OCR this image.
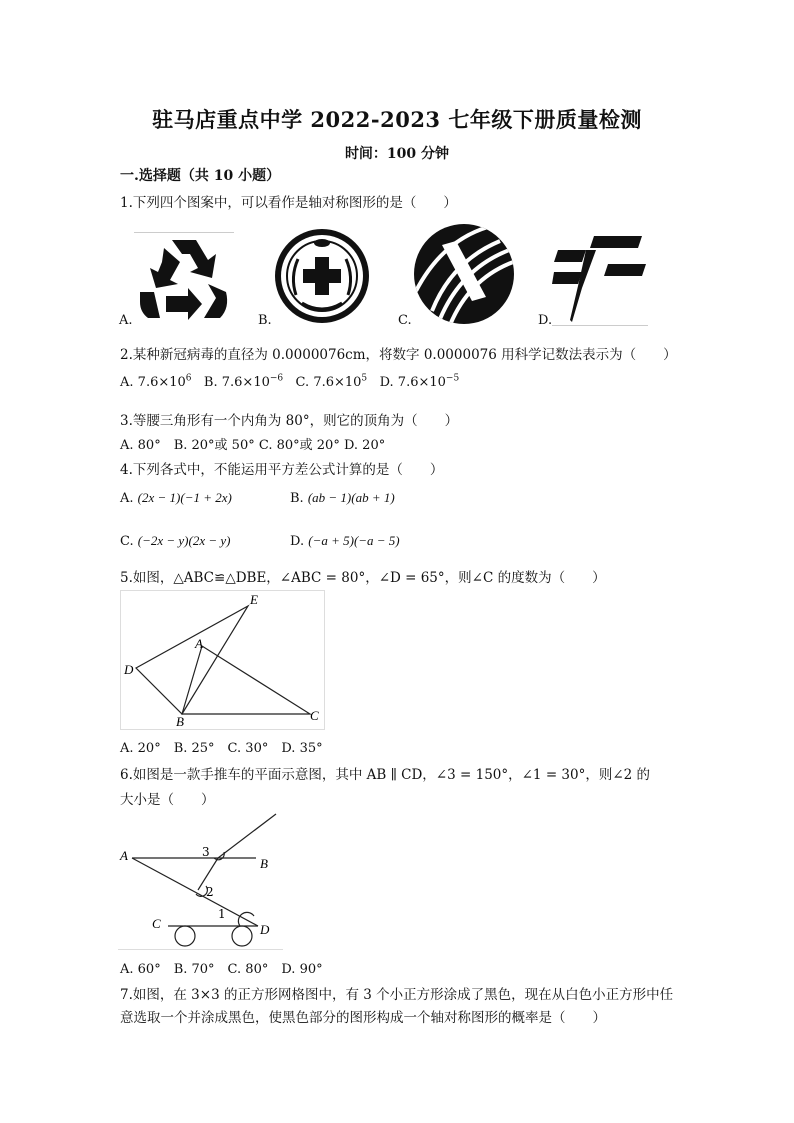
驻马店重点中学 2022-2023 七年级下册质量检测
时间：100 分钟
一.选择题（共 10 小题）
1.下列四个图案中，可以看作是轴对称图形的是（　　）
A.	B.	C.	D.
2.某种新冠病毒的直径为 0.0000076cm，将数字 0.0000076 用科学记数法表示为（　　）
A. $7.6\times 10^6$ B. $7.6\times 10^{-6}$ C. $7.6\times 10^5$ D. $7.6\times 10^{-5}$
3.等腰三角形有一个内角为 80°，则它的顶角为（　　）
A. 80°　B. 20°或 50° C. 80°或 20° D. 20°
4.下列各式中，不能运用平方差公式计算的是（　　）
A. (2x − 1)(−1 + 2x)	B. (ab − 1)(ab + 1)
C. (−2x − y)(2x − y)	D. (−a + 5)(−a − 5)
5.如图，△ABC≌△DBE，∠ABC = 80°，∠D = 65°，则∠C 的度数为（　　）
E
A
D
B	C
A. 20°　B. 25°　C. 30°　D. 35°
6.如图是一款手推车的平面示意图，其中 AB ∥ CD，∠3 = 150°，∠1 = 30°，则∠2 的
大小是（　　）
A	3
B
2
1
C	D
A. 60°　B. 70°　C. 80°　D. 90°
7.如图，在 3×3 的正方形网格图中，有 3 个小正方形涂成了黑色，现在从白色小正方形中任
意选取一个并涂成黑色，使黑色部分的图形构成一个轴对称图形的概率是（　　）
